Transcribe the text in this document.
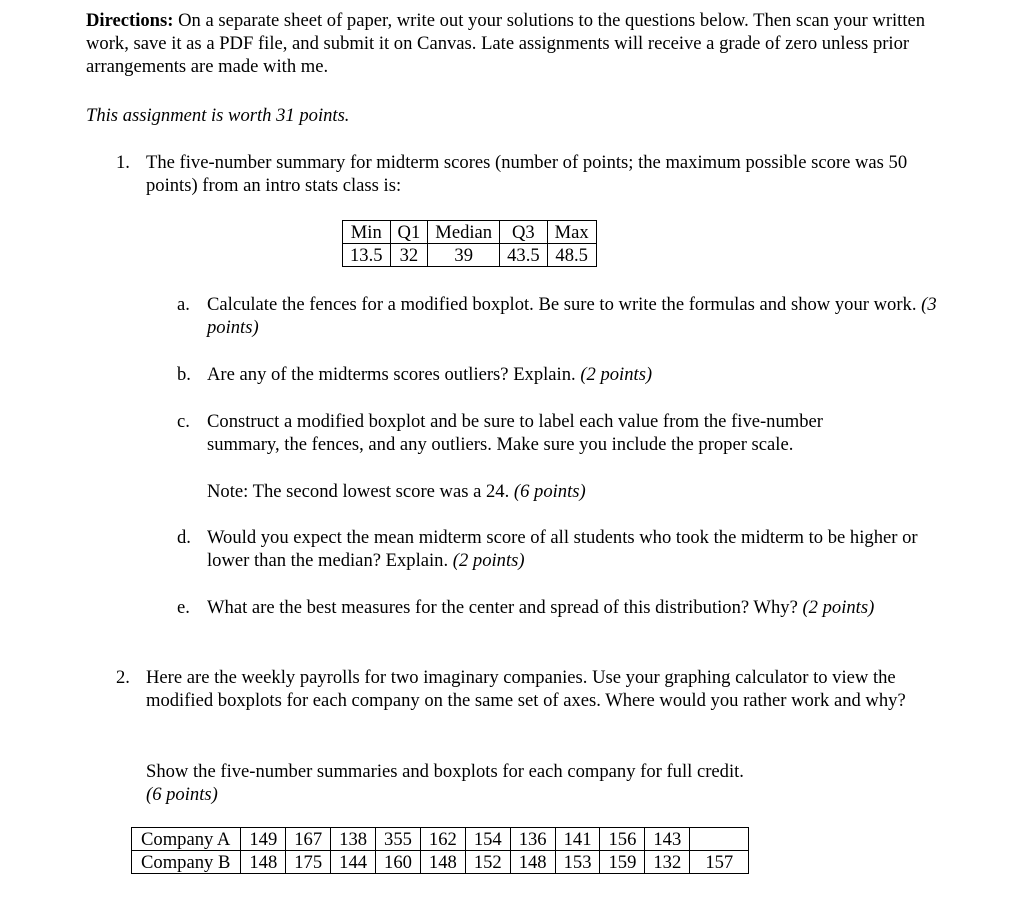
Directions: On a separate sheet of paper, write out your solutions to the questions below. Then scan your written work, save it as a PDF file, and submit it on Canvas. Late assignments will receive a grade of zero unless prior arrangements are made with me.

This assignment is worth 31 points.

1. The five-number summary for midterm scores (number of points; the maximum possible score was 50 points) from an intro stats class is:

Min	Q1	Median	Q3	Max
13.5	32	39	43.5	48.5
a. Calculate the fences for a modified boxplot. Be sure to write the formulas and show your work. (3 points)

b. Are any of the midterms scores outliers? Explain. (2 points)

c. Construct a modified boxplot and be sure to label each value from the five-number summary, the fences, and any outliers. Make sure you include the proper scale.

Note: The second lowest score was a 24. (6 points)

d. Would you expect the mean midterm score of all students who took the midterm to be higher or lower than the median? Explain. (2 points)

e. What are the best measures for the center and spread of this distribution? Why? (2 points)

2. Here are the weekly payrolls for two imaginary companies. Use your graphing calculator to view the modified boxplots for each company on the same set of axes. Where would you rather work and why?

Show the five-number summaries and boxplots for each company for full credit.

(6 points)

Company A	149	167	138	355	162	154	136	141	156	143	
Company B	148	175	144	160	148	152	148	153	159	132	157
